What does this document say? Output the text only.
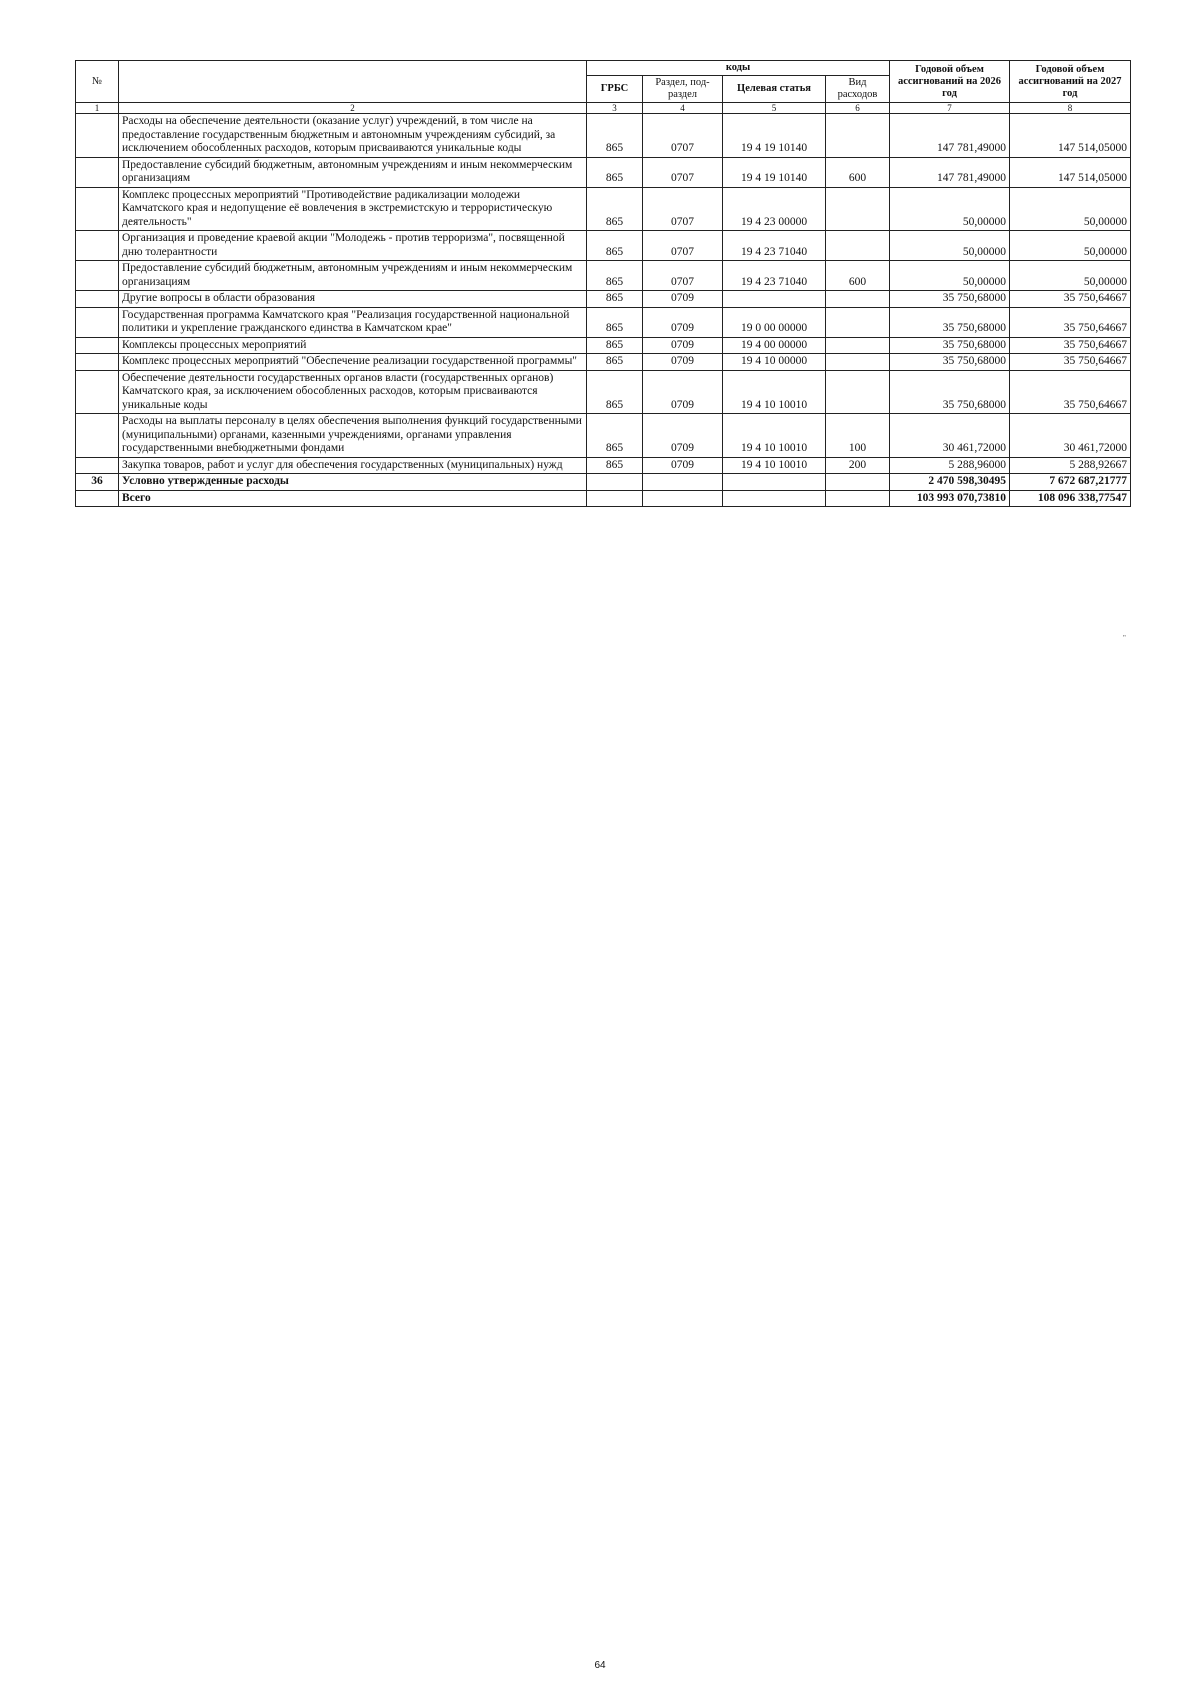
№		коды				Годовой объем ассигнований на 2026 год	Годовой объем ассигнований на 2027 год
		ГРБС	Раздел, под-раздел	Целевая статья	Вид расходов		
1	2	3	4	5	6	7	8
	Расходы на обеспечение деятельности (оказание услуг) учреждений, в том числе на предоставление государственным бюджетным и автономным учреждениям субсидий, за исключением обособленных расходов, которым присваиваются уникальные коды	865	0707	19 4 19 10140		147 781,49000	147 514,05000
	Предоставление субсидий бюджетным, автономным учреждениям и иным некоммерческим организациям	865	0707	19 4 19 10140	600	147 781,49000	147 514,05000
	Комплекс процессных мероприятий "Противодействие радикализации молодежи Камчатского края и недопущение её вовлечения в экстремистскую и террористическую деятельность"	865	0707	19 4 23 00000		50,00000	50,00000
	Организация и проведение краевой акции "Молодежь - против терроризма", посвященной дню толерантности	865	0707	19 4 23 71040		50,00000	50,00000
	Предоставление субсидий бюджетным, автономным учреждениям и иным некоммерческим организациям	865	0707	19 4 23 71040	600	50,00000	50,00000
	Другие вопросы в области образования	865	0709			35 750,68000	35 750,64667
	Государственная программа Камчатского края "Реализация государственной национальной политики и укрепление гражданского единства в Камчатском крае"	865	0709	19 0 00 00000		35 750,68000	35 750,64667
	Комплексы процессных мероприятий	865	0709	19 4 00 00000		35 750,68000	35 750,64667
	Комплекс процессных мероприятий "Обеспечение реализации государственной программы"	865	0709	19 4 10 00000		35 750,68000	35 750,64667
	Обеспечение деятельности государственных органов власти (государственных органов) Камчатского края, за исключением обособленных расходов, которым присваиваются уникальные коды	865	0709	19 4 10 10010		35 750,68000	35 750,64667
	Расходы на выплаты персоналу в целях обеспечения выполнения функций государственными (муниципальными) органами, казенными учреждениями, органами управления государственными внебюджетными фондами	865	0709	19 4 10 10010	100	30 461,72000	30 461,72000
	Закупка товаров, работ и услуг для обеспечения государственных (муниципальных) нужд	865	0709	19 4 10 10010	200	5 288,96000	5 288,92667
36	Условно утвержденные расходы					2 470 598,30495	7 672 687,21777
	Всего					103 993 070,73810	108 096 338,77547
"
64
